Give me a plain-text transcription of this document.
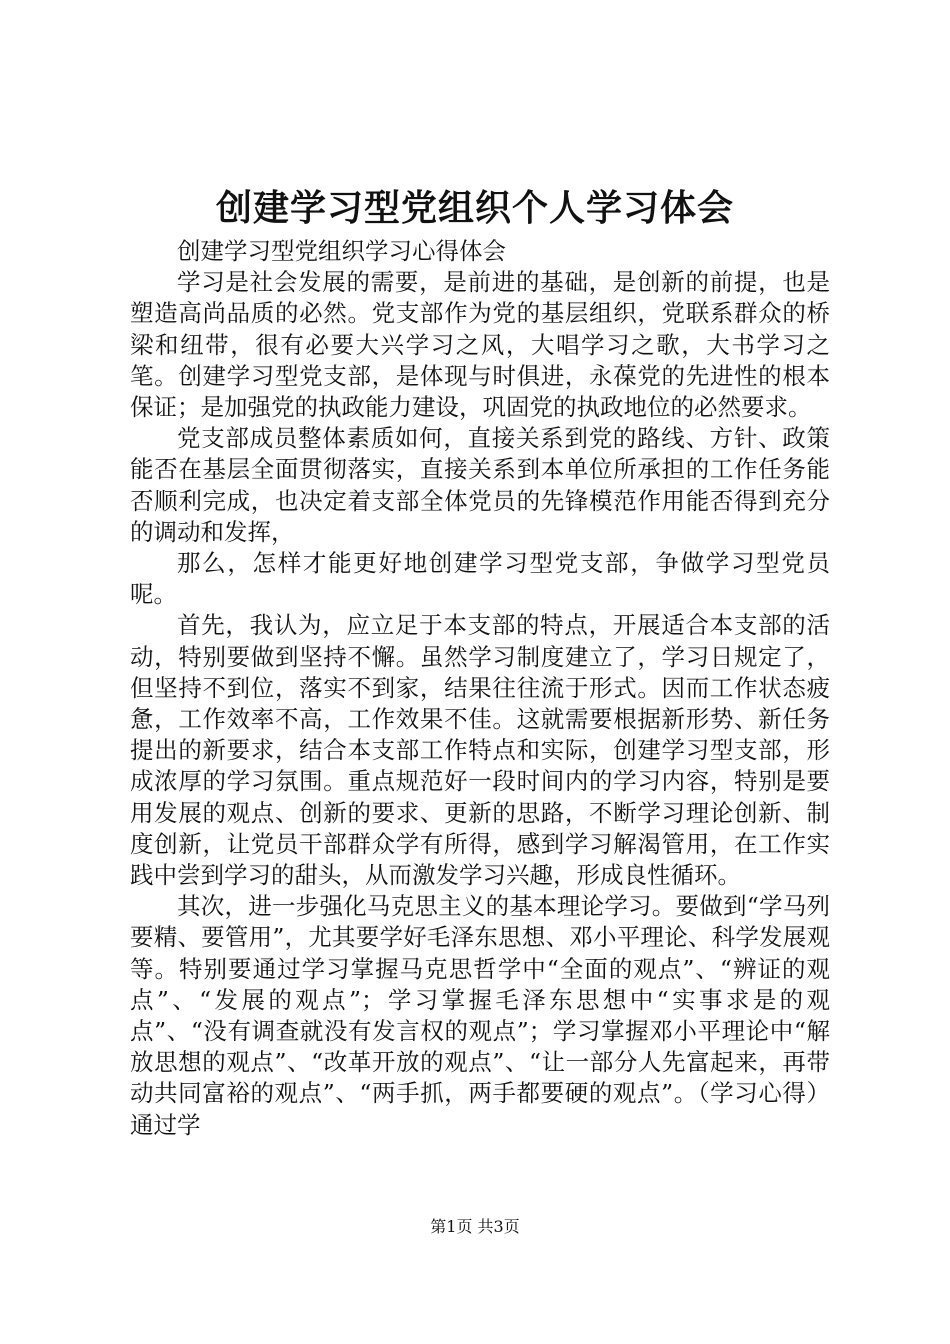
创建学习型党组织个人学习体会

创建学习型党组织学习心得体会

学习是社会发展的需要，是前进的基础，是创新的前提，也是塑造高尚品质的必然。党支部作为党的基层组织，党联系群众的桥梁和纽带，很有必要大兴学习之风，大唱学习之歌，大书学习之笔。创建学习型党支部，是体现与时俱进，永葆党的先进性的根本保证；是加强党的执政能力建设，巩固党的执政地位的必然要求。

党支部成员整体素质如何，直接关系到党的路线、方针、政策能否在基层全面贯彻落实，直接关系到本单位所承担的工作任务能否顺利完成，也决定着支部全体党员的先锋模范作用能否得到充分的调动和发挥，

那么，怎样才能更好地创建学习型党支部，争做学习型党员呢。

首先，我认为，应立足于本支部的特点，开展适合本支部的活动，特别要做到坚持不懈。虽然学习制度建立了，学习日规定了，但坚持不到位，落实不到家，结果往往流于形式。因而工作状态疲惫，工作效率不高，工作效果不佳。这就需要根据新形势、新任务提出的新要求，结合本支部工作特点和实际，创建学习型支部，形成浓厚的学习氛围。重点规范好一段时间内的学习内容，特别是要用发展的观点、创新的要求、更新的思路，不断学习理论创新、制度创新，让党员干部群众学有所得，感到学习解渴管用，在工作实践中尝到学习的甜头，从而激发学习兴趣，形成良性循环。

其次，进一步强化马克思主义的基本理论学习。要做到“学马列要精、要管用”，尤其要学好毛泽东思想、邓小平理论、科学发展观等。特别要通过学习掌握马克思哲学中“全面的观点”、“辨证的观点”、“发展的观点”；学习掌握毛泽东思想中“实事求是的观点”、“没有调查就没有发言权的观点”；学习掌握邓小平理论中“解放思想的观点”、“改革开放的观点”、“让一部分人先富起来，再带动共同富裕的观点”、“两手抓，两手都要硬的观点”。（学习心得）通过学

第1页 共3页
